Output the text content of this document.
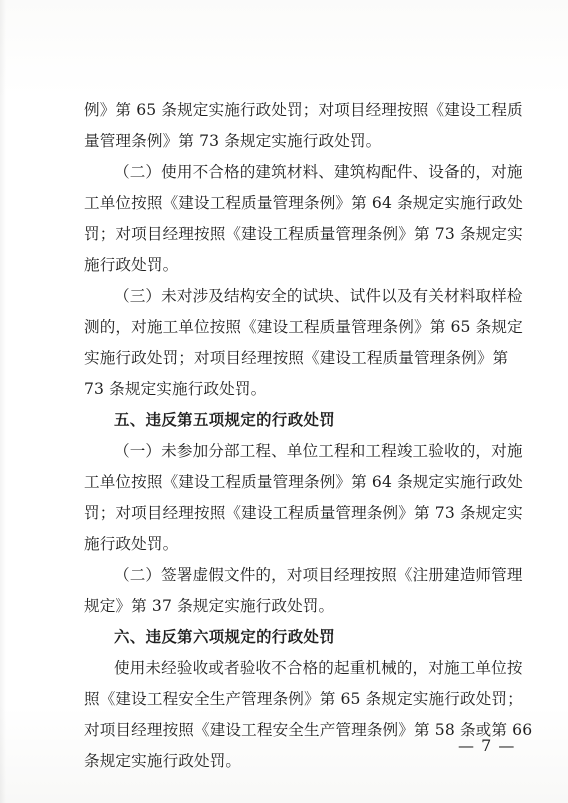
例》第 65 条规定实施行政处罚；对项目经理按照《建设工程质
量管理条例》第 73 条规定实施行政处罚。
（二）使用不合格的建筑材料、建筑构配件、设备的，对施
工单位按照《建设工程质量管理条例》第 64 条规定实施行政处
罚；对项目经理按照《建设工程质量管理条例》第 73 条规定实
施行政处罚。
（三）未对涉及结构安全的试块、试件以及有关材料取样检
测的，对施工单位按照《建设工程质量管理条例》第 65 条规定
实施行政处罚；对项目经理按照《建设工程质量管理条例》第
73 条规定实施行政处罚。
五、违反第五项规定的行政处罚
（一）未参加分部工程、单位工程和工程竣工验收的，对施
工单位按照《建设工程质量管理条例》第 64 条规定实施行政处
罚；对项目经理按照《建设工程质量管理条例》第 73 条规定实
施行政处罚。
（二）签署虚假文件的，对项目经理按照《注册建造师管理
规定》第 37 条规定实施行政处罚。
六、违反第六项规定的行政处罚
使用未经验收或者验收不合格的起重机械的，对施工单位按
照《建设工程安全生产管理条例》第 65 条规定实施行政处罚；
对项目经理按照《建设工程安全生产管理条例》第 58 条或第 66
条规定实施行政处罚。
— 7 —
